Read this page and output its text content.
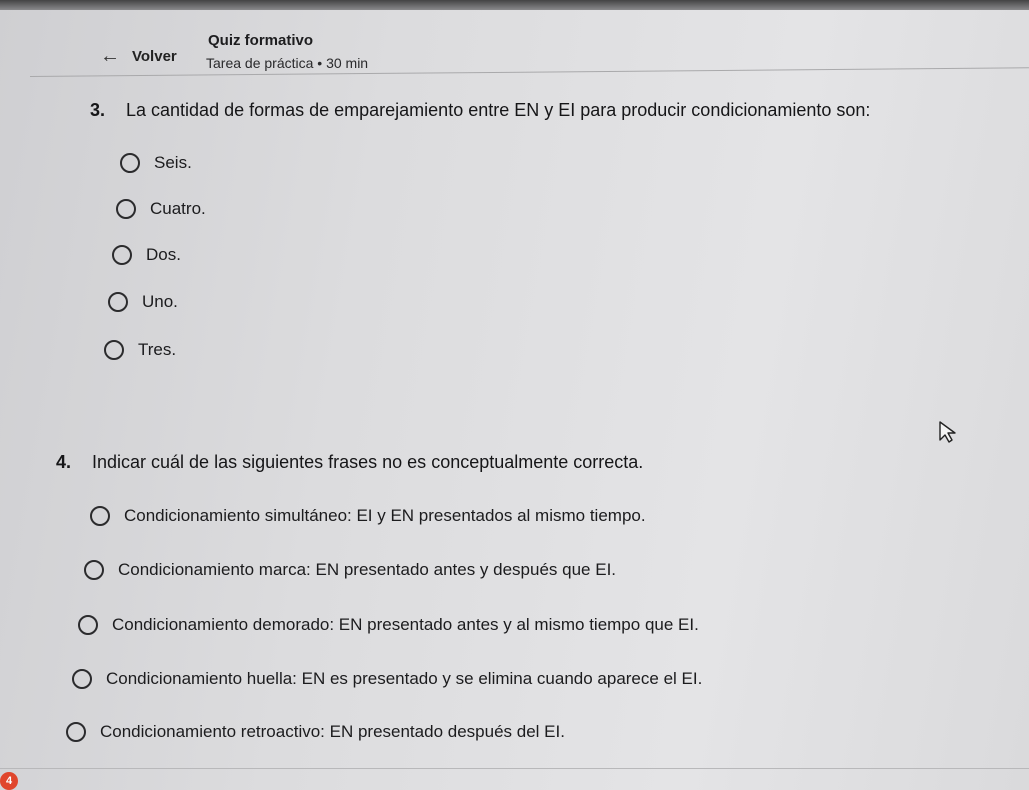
← Volver
Quiz formativo
Tarea de práctica • 30 min
3. La cantidad de formas de emparejamiento entre EN y EI para producir condicionamiento son:
Seis.
Cuatro.
Dos.
Uno.
Tres.
4. Indicar cuál de las siguientes frases no es conceptualmente correcta.
Condicionamiento simultáneo: EI y EN presentados al mismo tiempo.
Condicionamiento marca: EN presentado antes y después que EI.
Condicionamiento demorado: EN presentado antes y al mismo tiempo que EI.
Condicionamiento huella: EN es presentado y se elimina cuando aparece el EI.
Condicionamiento retroactivo: EN presentado después del EI.
4
